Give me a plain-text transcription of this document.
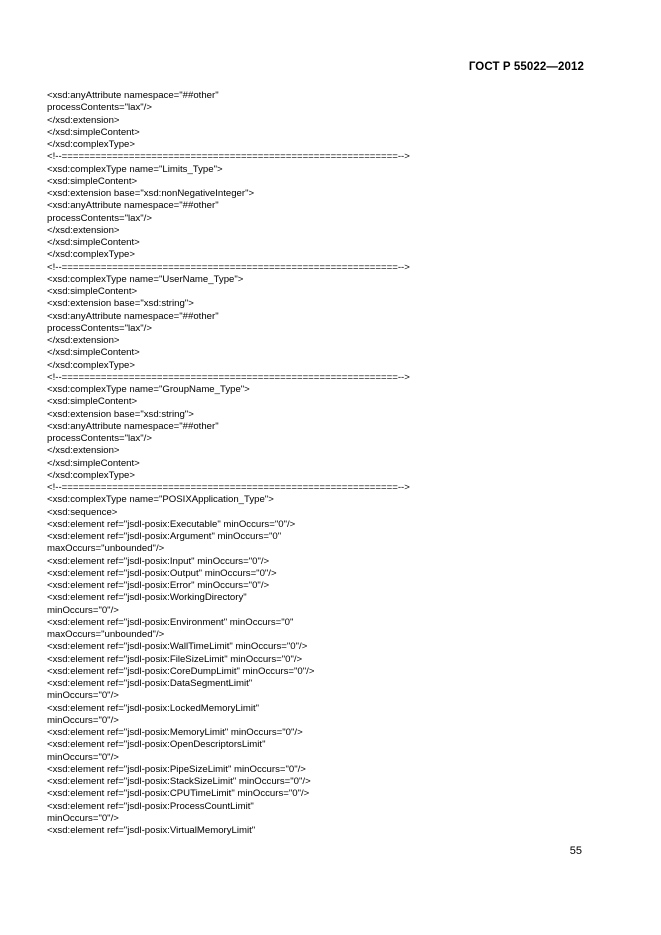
ГОСТ Р 55022—2012
<xsd:anyAttribute namespace="##other"
processContents="lax"/>
</xsd:extension>
</xsd:simpleContent>
</xsd:complexType>
<!--============================================================-->
<xsd:complexType name="Limits_Type">
<xsd:simpleContent>
<xsd:extension base="xsd:nonNegativeInteger">
<xsd:anyAttribute namespace="##other"
processContents="lax"/>
</xsd:extension>
</xsd:simpleContent>
</xsd:complexType>
<!--============================================================-->
<xsd:complexType name="UserName_Type">
<xsd:simpleContent>
<xsd:extension base="xsd:string">
<xsd:anyAttribute namespace="##other"
processContents="lax"/>
</xsd:extension>
</xsd:simpleContent>
</xsd:complexType>
<!--============================================================-->
<xsd:complexType name="GroupName_Type">
<xsd:simpleContent>
<xsd:extension base="xsd:string">
<xsd:anyAttribute namespace="##other"
processContents="lax"/>
</xsd:extension>
</xsd:simpleContent>
</xsd:complexType>
<!--============================================================-->
<xsd:complexType name="POSIXApplication_Type">
<xsd:sequence>
<xsd:element ref="jsdl-posix:Executable" minOccurs="0"/>
<xsd:element ref="jsdl-posix:Argument" minOccurs="0"
maxOccurs="unbounded"/>
<xsd:element ref="jsdl-posix:Input" minOccurs="0"/>
<xsd:element ref="jsdl-posix:Output" minOccurs="0"/>
<xsd:element ref="jsdl-posix:Error" minOccurs="0"/>
<xsd:element ref="jsdl-posix:WorkingDirectory"
minOccurs="0"/>
<xsd:element ref="jsdl-posix:Environment" minOccurs="0"
maxOccurs="unbounded"/>
<xsd:element ref="jsdl-posix:WallTimeLimit" minOccurs="0"/>
<xsd:element ref="jsdl-posix:FileSizeLimit" minOccurs="0"/>
<xsd:element ref="jsdl-posix:CoreDumpLimit" minOccurs="0"/>
<xsd:element ref="jsdl-posix:DataSegmentLimit"
minOccurs="0"/>
<xsd:element ref="jsdl-posix:LockedMemoryLimit"
minOccurs="0"/>
<xsd:element ref="jsdl-posix:MemoryLimit" minOccurs="0"/>
<xsd:element ref="jsdl-posix:OpenDescriptorsLimit"
minOccurs="0"/>
<xsd:element ref="jsdl-posix:PipeSizeLimit" minOccurs="0"/>
<xsd:element ref="jsdl-posix:StackSizeLimit" minOccurs="0"/>
<xsd:element ref="jsdl-posix:CPUTimeLimit" minOccurs="0"/>
<xsd:element ref="jsdl-posix:ProcessCountLimit"
minOccurs="0"/>
<xsd:element ref="jsdl-posix:VirtualMemoryLimit"
55
